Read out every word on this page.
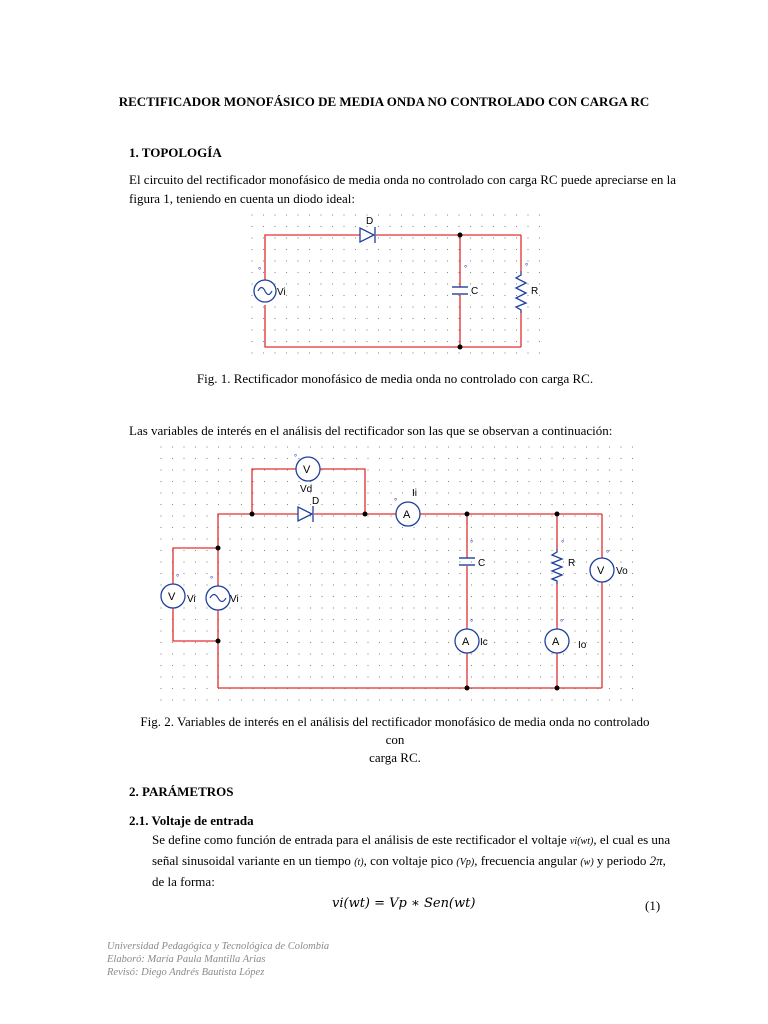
RECTIFICADOR MONOFÁSICO DE MEDIA ONDA NO CONTROLADO CON CARGA RC
1. TOPOLOGÍA
El circuito del rectificador monofásico de media onda no controlado con carga RC puede apreciarse en la
figura 1, teniendo en cuenta un diodo ideal:
D
°
Vi
°
C
°
R
Fig. 1. Rectificador monofásico de media onda no controlado con carga RC.
Las variables de interés en el análisis del rectificador son las que se observan a continuación:
V
°
Vd
D
A
°
Ii
°
C
°
R
V
°
Vo
V
°
Vi
°
Vi
A
°
Ic	A
°
Io
Fig. 2. Variables de interés en el análisis del rectificador monofásico de media onda no controlado con
carga RC.
2. PARÁMETROS
2.1. Voltaje de entrada
Se define como función de entrada para el análisis de este rectificador el voltaje vi(wt), el cual es una
señal sinusoidal variante en un tiempo (t), con voltaje pico (Vp), frecuencia angular (w) y periodo 2π,
de la forma:
vi(wt) = Vp ∗ Sen(wt)	(1)
Universidad Pedagógica y Tecnológica de Colombia
Elaboró: María Paula Mantilla Arias
Revisó: Diego Andrés Bautista López
